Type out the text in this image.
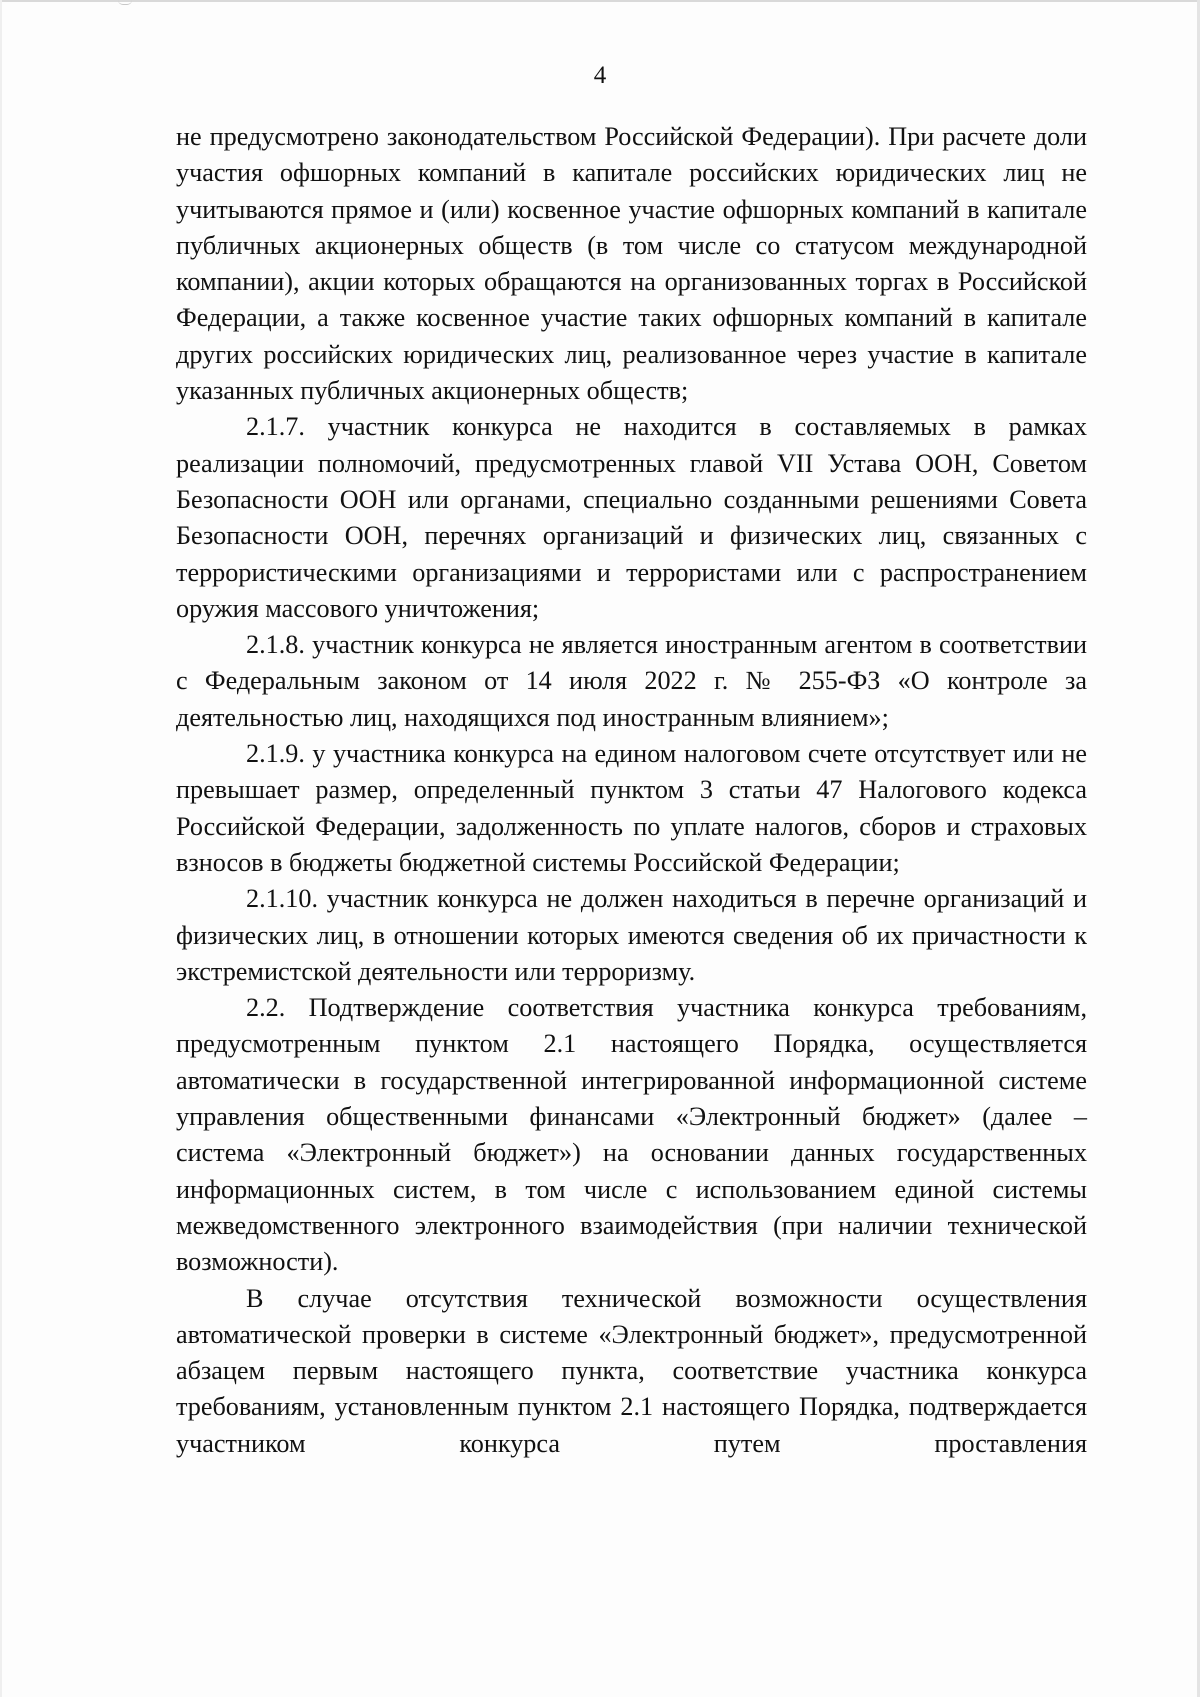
4

не предусмотрено законодательством Российской Федерации). При расчете доли участия офшорных компаний в капитале российских юридических лиц не учитываются прямое и (или) косвенное участие офшорных компаний в капитале публичных акционерных обществ (в том числе со статусом международной компании), акции которых обращаются на организованных торгах в Российской Федерации, а также косвенное участие таких офшорных компаний в капитале других российских юридических лиц, реализованное через участие в капитале указанных публичных акционерных обществ;

2.1.7. участник конкурса не находится в составляемых в рамках реализации полномочий, предусмотренных главой VII Устава ООН, Советом Безопасности ООН или органами, специально созданными решениями Совета Безопасности ООН, перечнях организаций и физических лиц, связанных с террористическими организациями и террористами или с распространением оружия массового уничтожения;

2.1.8. участник конкурса не является иностранным агентом в соответствии с Федеральным законом от 14 июля 2022 г. № 255-ФЗ «О контроле за деятельностью лиц, находящихся под иностранным влиянием»;

2.1.9. у участника конкурса на едином налоговом счете отсутствует или не превышает размер, определенный пунктом 3 статьи 47 Налогового кодекса Российской Федерации, задолженность по уплате налогов, сборов и страховых взносов в бюджеты бюджетной системы Российской Федерации;

2.1.10. участник конкурса не должен находиться в перечне организаций и физических лиц, в отношении которых имеются сведения об их причастности к экстремистской деятельности или терроризму.

2.2. Подтверждение соответствия участника конкурса требованиям, предусмотренным пунктом 2.1 настоящего Порядка, осуществляется автоматически в государственной интегрированной информационной системе управления общественными финансами «Электронный бюджет» (далее – система «Электронный бюджет») на основании данных государственных информационных систем, в том числе с использованием единой системы межведомственного электронного взаимодействия (при наличии технической возможности).

В случае отсутствия технической возможности осуществления автоматической проверки в системе «Электронный бюджет», предусмотренной абзацем первым настоящего пункта, соответствие участника конкурса требованиям, установленным пунктом 2.1 настоящего Порядка, подтверждается участником конкурса путем проставления
